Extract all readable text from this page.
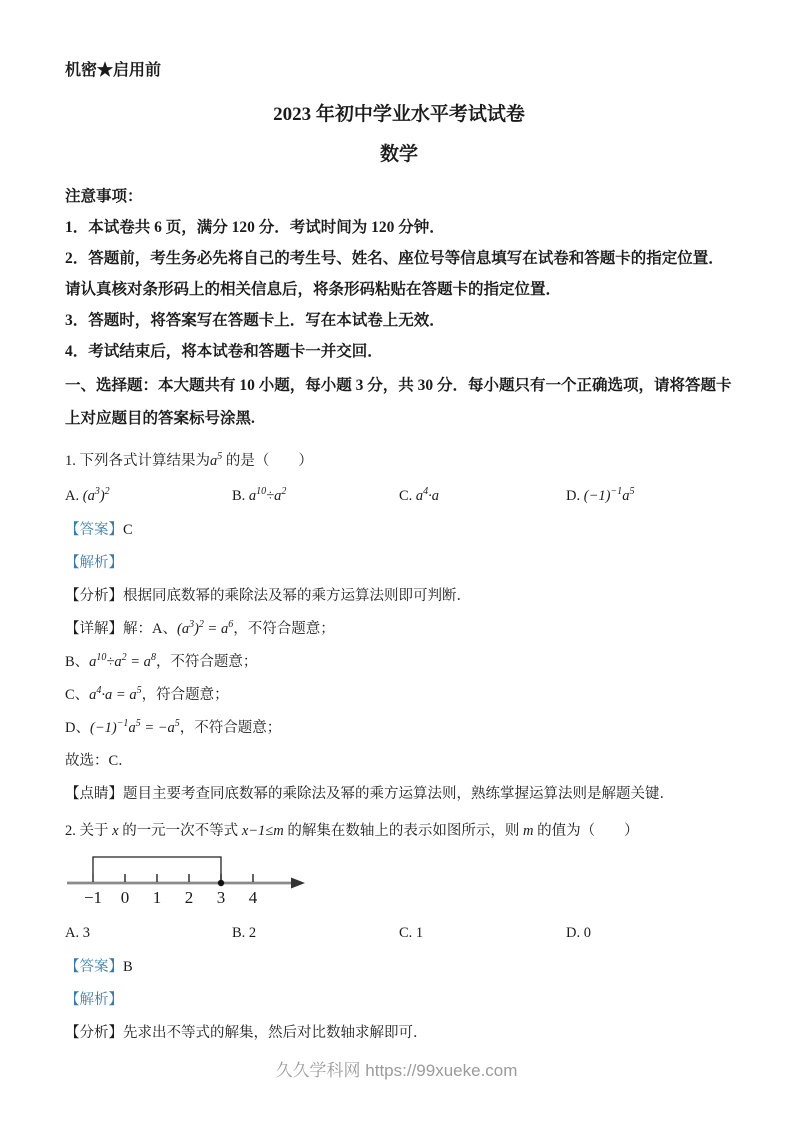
机密★启用前
2023 年初中学业水平考试试卷
数学
注意事项：
1．本试卷共 6 页，满分 120 分．考试时间为 120 分钟．
2．答题前，考生务必先将自己的考生号、姓名、座位号等信息填写在试卷和答题卡的指定位置．请认真核对条形码上的相关信息后，将条形码粘贴在答题卡的指定位置．
3．答题时，将答案写在答题卡上．写在本试卷上无效．
4．考试结束后，将本试卷和答题卡一并交回．
一、选择题：本大题共有 10 小题，每小题 3 分，共 30 分．每小题只有一个正确选项，请将答题卡上对应题目的答案标号涂黑.
1. 下列各式计算结果为$a^5$ 的是（　　）
A. $(a^3)^2$	B. $a^{10}\div a^2$	C. $a^4\cdot a$	D. $(-1)^{-1}a^5$
【答案】C
【解析】
【分析】根据同底数幂的乘除法及幂的乘方运算法则即可判断．
【详解】解：A、$(a^3)^2 = a^6$，不符合题意；
B、$a^{10}\div a^2 = a^8$，不符合题意；
C、$a^4\cdot a = a^5$，符合题意；
D、$(-1)^{-1}a^5 = -a^5$，不符合题意；
故选：C．
【点睛】题目主要考查同底数幂的乘除法及幂的乘方运算法则，熟练掌握运算法则是解题关键．
2. 关于 x 的一元一次不等式 x−1≤m 的解集在数轴上的表示如图所示，则 m 的值为（　　）
−1 0 1 2 3 4
A. 3	B. 2	C. 1	D. 0
【答案】B
【解析】
【分析】先求出不等式的解集，然后对比数轴求解即可．
久久学科网 https://99xueke.com
